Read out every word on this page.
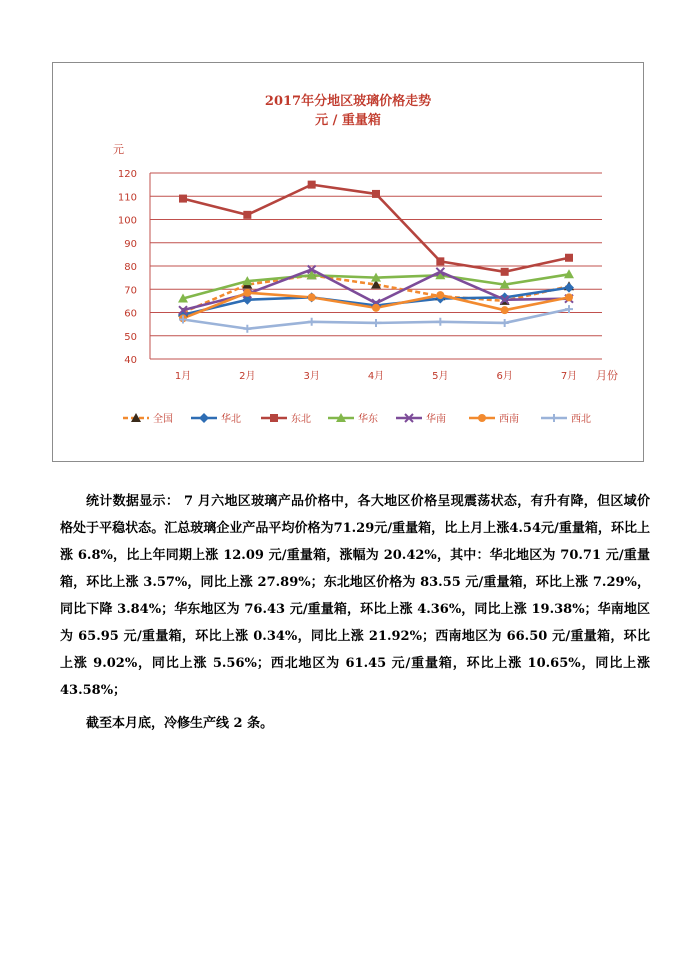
2017年分地区玻璃价格走势
元 / 重量箱
元
月份
40
50
60
70
80
90
100
110
120
1月	2月	3月	4月	5月	6月	7月
全国	华北	东北	华东	华南	西南	西北

统计数据显示： 7 月六地区玻璃产品价格中，各大地区价格呈现震荡状态，有升有降，但区域价格处于平稳状态。汇总玻璃企业产品平均价格为71.29元/重量箱，比上月上涨4.54元/重量箱，环比上涨 6.8%，比上年同期上涨 12.09 元/重量箱，涨幅为 20.42%，其中：华北地区为 70.71 元/重量箱，环比上涨 3.57%，同比上涨 27.89%；东北地区价格为 83.55 元/重量箱，环比上涨 7.29%，同比下降 3.84%；华东地区为 76.43 元/重量箱，环比上涨 4.36%，同比上涨 19.38%；华南地区为 65.95 元/重量箱，环比上涨 0.34%，同比上涨 21.92%；西南地区为 66.50 元/重量箱，环比上涨 9.02%，同比上涨 5.56%；西北地区为 61.45 元/重量箱，环比上涨 10.65%，同比上涨 43.58%；

截至本月底，冷修生产线 2 条。
